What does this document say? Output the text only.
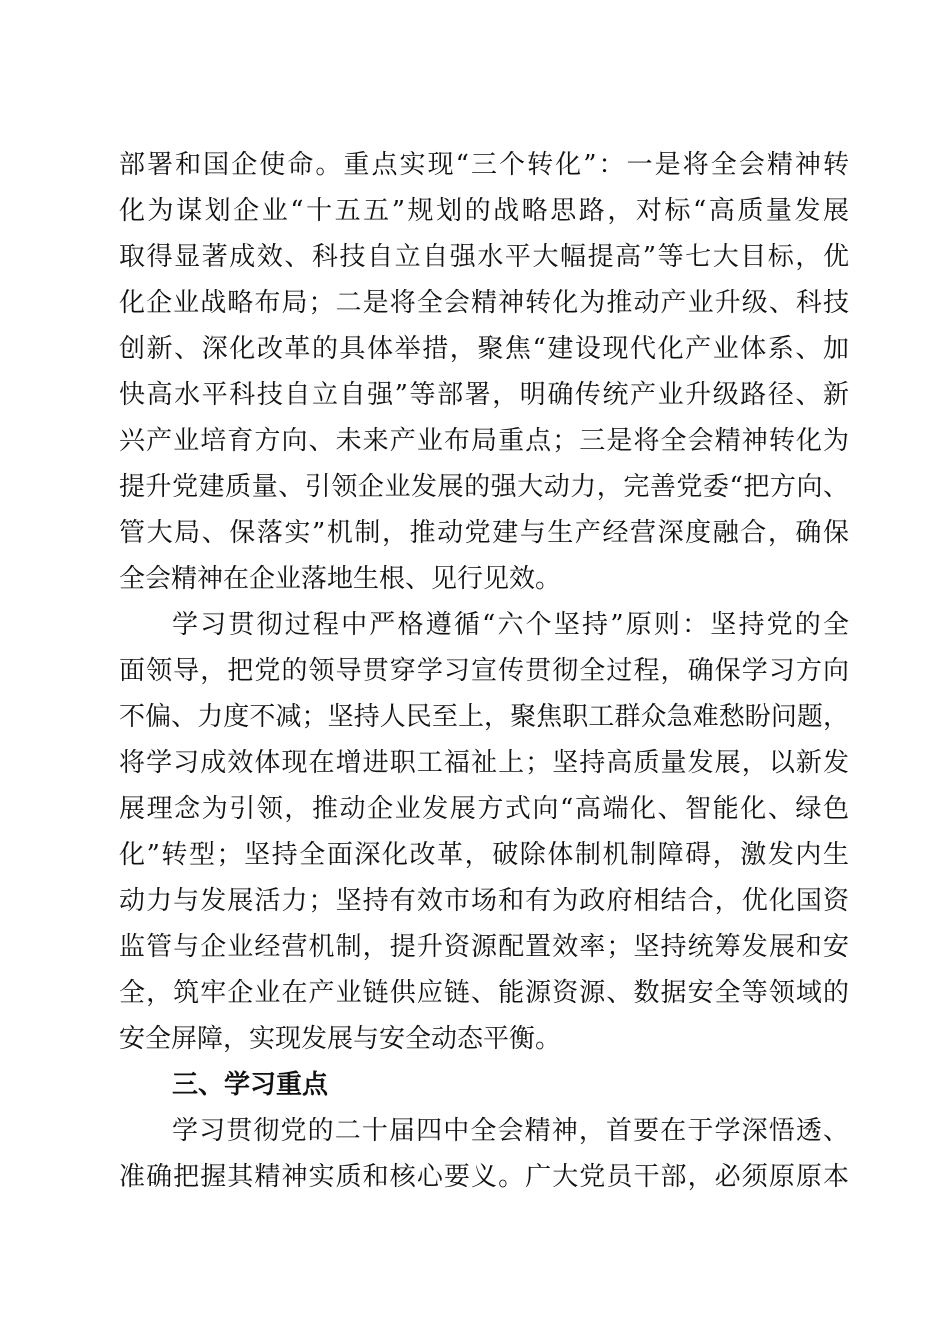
部署和国企使命。重点实现“三个转化”：一是将全会精神转
化为谋划企业“十五五”规划的战略思路，对标“高质量发展
取得显著成效、科技自立自强水平大幅提高”等七大目标，优
化企业战略布局；二是将全会精神转化为推动产业升级、科技
创新、深化改革的具体举措，聚焦“建设现代化产业体系、加
快高水平科技自立自强”等部署，明确传统产业升级路径、新
兴产业培育方向、未来产业布局重点；三是将全会精神转化为
提升党建质量、引领企业发展的强大动力，完善党委“把方向、
管大局、保落实”机制，推动党建与生产经营深度融合，确保
全会精神在企业落地生根、见行见效。
学习贯彻过程中严格遵循“六个坚持”原则：坚持党的全
面领导，把党的领导贯穿学习宣传贯彻全过程，确保学习方向
不偏、力度不减；坚持人民至上，聚焦职工群众急难愁盼问题，
将学习成效体现在增进职工福祉上；坚持高质量发展，以新发
展理念为引领，推动企业发展方式向“高端化、智能化、绿色
化”转型；坚持全面深化改革，破除体制机制障碍，激发内生
动力与发展活力；坚持有效市场和有为政府相结合，优化国资
监管与企业经营机制，提升资源配置效率；坚持统筹发展和安
全，筑牢企业在产业链供应链、能源资源、数据安全等领域的
安全屏障，实现发展与安全动态平衡。
三、学习重点
学习贯彻党的二十届四中全会精神，首要在于学深悟透、
准确把握其精神实质和核心要义。广大党员干部，必须原原本
